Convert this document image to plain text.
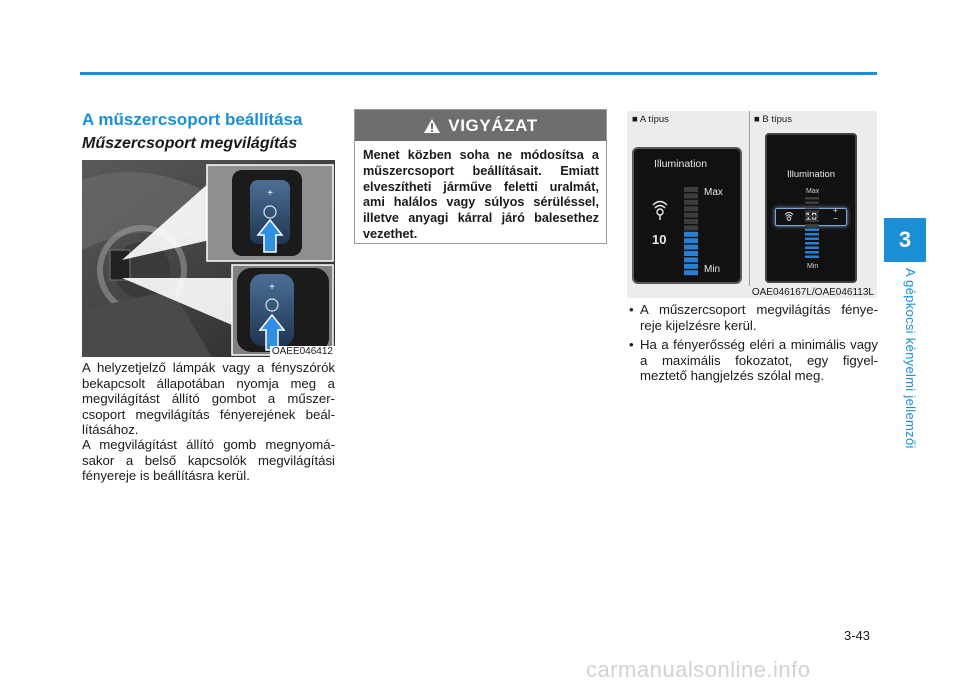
3
A gépkocsi kényelmi jellemzői
A műszercsoport beállítása
Műszercsoport megvilágítás
+
+
OAEE046412

A helyzetjelző lámpák vagy a fényszórók bekapcsolt állapotában nyomja meg a megvilágítást állító gombot a műszer-csoport megvilágítás fényerejének beál-lításához.

A megvilágítást állító gomb megnyomá-sakor a belső kapcsolók megvilágítási fényereje is beállításra kerül.

VIGYÁZAT

Menet közben soha ne módosítsa a műszercsoport beállításait. Emiatt elveszítheti járműve feletti uralmát, ami halálos vagy súlyos sérüléssel, illetve anyagi kárral járó balesethez vezethet.

■ A típus	■ B típus
Illumination
10
Max
Min
Illumination
Max
+
−
Min
OAE046167L/OAE046113L

• A műszercsoport megvilágítás fénye-reje kijelzésre kerül.

• Ha a fényerősség eléri a minimális vagy a maximális fokozatot, egy figyel-meztető hangjelzés szólal meg.

3-43
carmanualsonline.info
